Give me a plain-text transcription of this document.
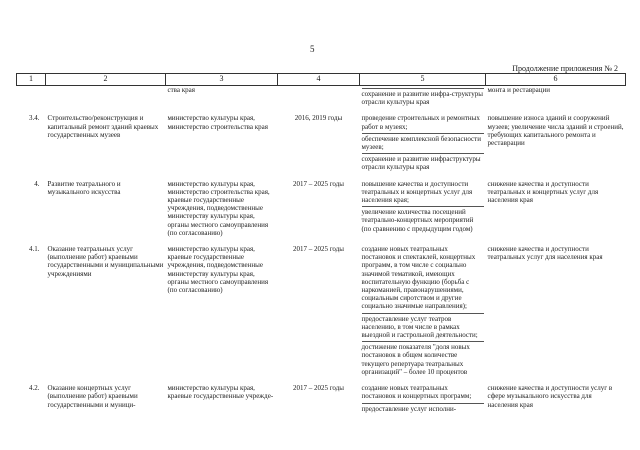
5
Продолжение приложения № 2
1	2	3	4	5	6
		ства края		сохранение и развитие инфра-структуры отрасли культуры края	монта и реставрации

3.4.	Строительство/реконструкция и капитальный ремонт зданий краевых государственных музеев	министерство культуры края, министерство строительства края	2016, 2019 годы	проведение строительных и ремонтных работ в музеях;
обеспечение комплексной безопасности музеев;
сохранение и развитие инфраструктуры отрасли культуры края	повышение износа зданий и сооружений музеев; увеличение числа зданий и строений, требующих капитального ремонта и реставрации

4.	Развитие театрального и музыкального искусства	министерство культуры края, министерство строительства края, краевые государственные учреждения, подведомственные министерству культуры края, органы местного самоуправления (по согласованию)	2017 – 2025 годы	повышение качества и доступности театральных и концертных услуг для населения края;
увеличение количества посещений театрально-концертных мероприятий (по сравнению с предыдущим годом)	снижение качества и доступности театральных и концертных услуг для населения края

4.1.	Оказание театральных услуг (выполнение работ) краевыми государственными и муниципальными учреждениями	министерство культуры края, краевые государственные учреждения, подведомственные министерству культуры края, органы местного самоуправления (по согласованию)	2017 – 2025 годы	создание новых театральных постановок и спектаклей, концертных программ, в том числе с социально значимой тематикой, имеющих воспитательную функцию (борьба с наркоманией, правонарушениями, социальным сиротством и другие социально значимые направления);
предоставление услуг театров населению, в том числе в рамках выездной и гастрольной деятельности;
достижение показателя "доля новых постановок в общем количестве текущего репертуара театральных организаций" – более 10 процентов	снижение качества и доступности театральных услуг для населения края

4.2.	Оказание концертных услуг (выполнение работ) краевыми государственными и муници-	министерство культуры края, краевые государственные учрежде-	2017 – 2025 годы	создание новых театральных постановок и концертных программ;
предоставление услуг исполни-	снижение качества и доступности услуг в сфере музыкального искусства для населения края
